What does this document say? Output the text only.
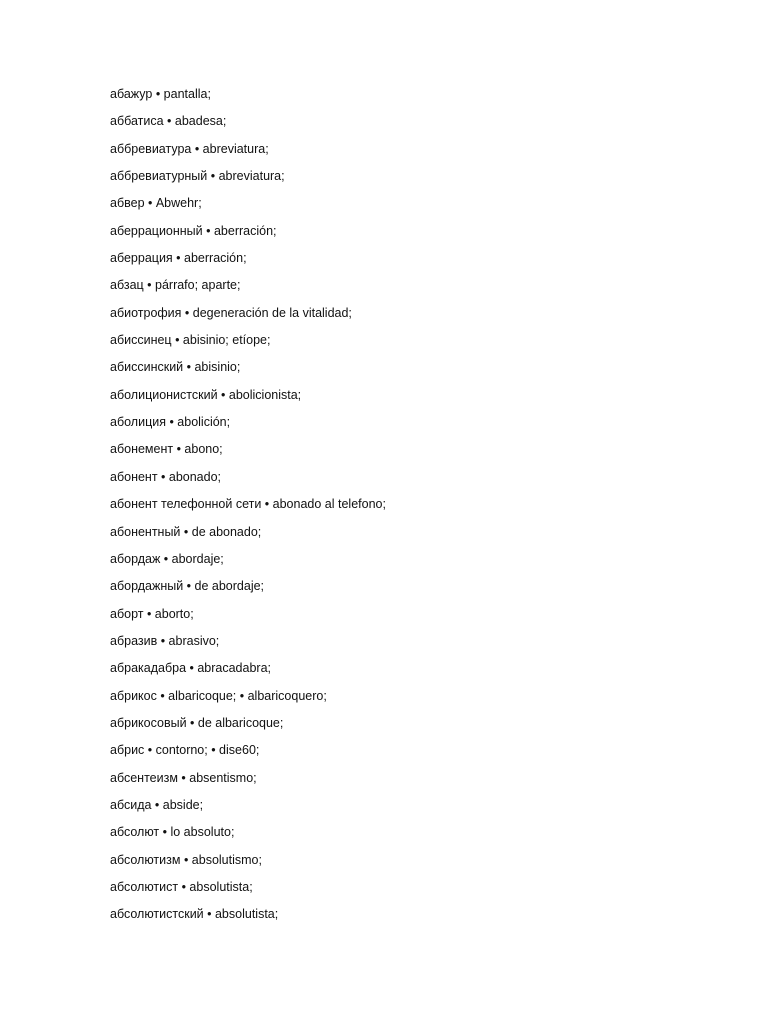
абажур • pantalla;
аббатиса • abadesa;
аббревиатура • abreviatura;
аббревиатурный • abreviatura;
абвер • Abwehr;
аберрационный • aberración;
аберрация • aberración;
абзац • párrafo; aparte;
абиотрофия • degeneración de la vitalidad;
абиссинец • abisinio; etíope;
абиссинский • abisinio;
аболиционистский • abolicionista;
аболиция • abolición;
абонемент • abono;
абонент • abonado;
абонент телефонной сети • abonado al telefono;
абонентный • de abonado;
абордаж • abordaje;
абордажный • de abordaje;
аборт • aborto;
абразив • abrasivo;
абракадабра • abracadabra;
абрикос • albaricoque; • albaricoquero;
абрикосовый • de albaricoque;
абрис • contorno; • dise60;
абсентеизм • absentismo;
абсида • abside;
абсолют • lo absoluto;
абсолютизм • absolutismo;
абсолютист • absolutista;
абсолютистский • absolutista;
